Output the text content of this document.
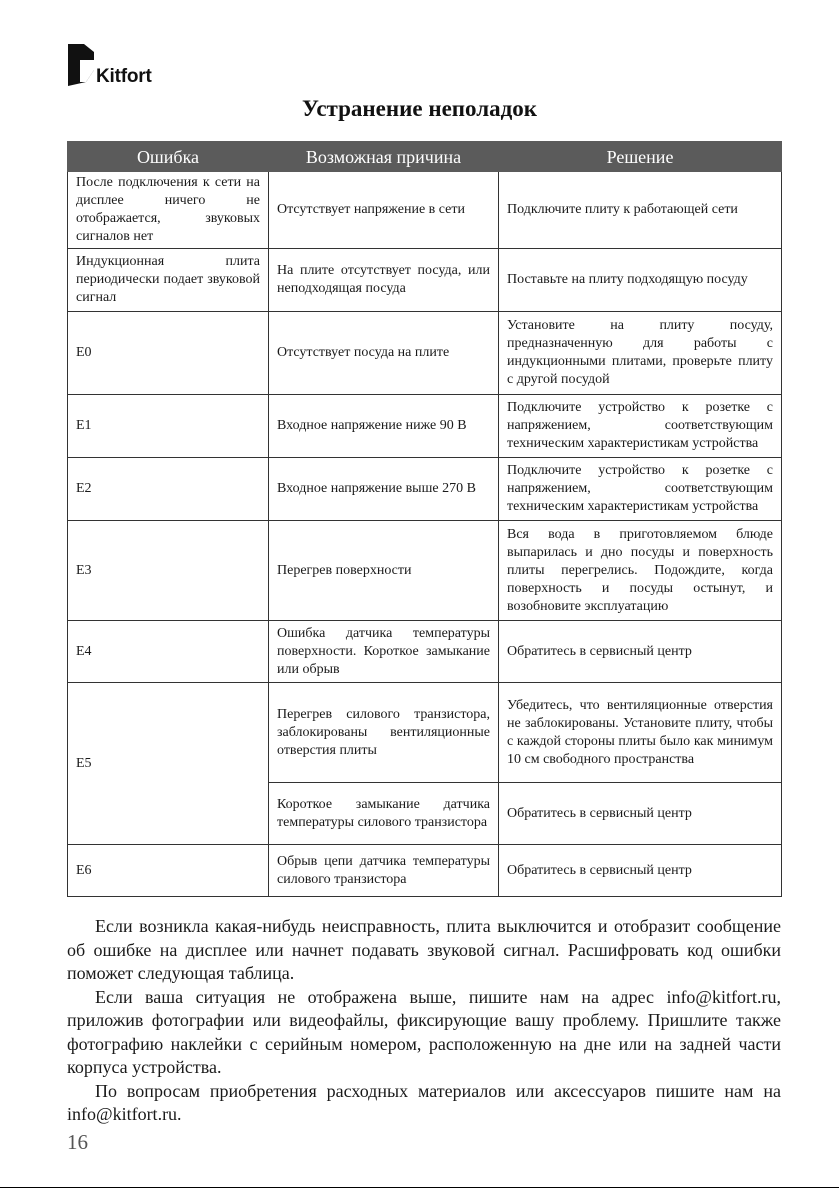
Kitfort
Устранение неполадок
Ошибка	Возможная причина	Решение
После подключения к сети на дисплее ничего не отображается, звуковых сигналов нет	Отсутствует напряжение в сети	Подключите плиту к работающей сети
Индукционная плита периодически подает звуковой сигнал	На плите отсутствует посуда, или неподходящая посуда	Поставьте на плиту подходящую посуду
E0	Отсутствует посуда на плите	Установите на плиту посуду, предназначенную для работы с индукционными плитами, проверьте плиту с другой посудой
E1	Входное напряжение ниже 90 В	Подключите устройство к розетке с напряжением, соответствующим техническим характеристикам устройства
E2	Входное напряжение выше 270 В	Подключите устройство к розетке с напряжением, соответствующим техническим характеристикам устройства
E3	Перегрев поверхности	Вся вода в приготовляемом блюде выпарилась и дно посуды и поверхность плиты перегрелись. Подождите, когда поверхность и посуды остынут, и возобновите эксплуатацию
E4	Ошибка датчика температуры поверхности. Короткое замыкание или обрыв	Обратитесь в сервисный центр
E5	Перегрев силового транзистора, заблокированы вентиляционные отверстия плиты	Убедитесь, что вентиляционные отверстия не заблокированы. Установите плиту, чтобы с каждой стороны плиты было как минимум 10 см свободного пространства
	Короткое замыкание датчика температуры силового транзистора	Обратитесь в сервисный центр
E6	Обрыв цепи датчика температуры силового транзистора	Обратитесь в сервисный центр

Если возникла какая-нибудь неисправность, плита выключится и отобразит сообщение об ошибке на дисплее или начнет подавать звуковой сигнал. Расшифровать код ошибки поможет следующая таблица.

Если ваша ситуация не отображена выше, пишите нам на адрес info@kitfort.ru, приложив фотографии или видеофайлы, фиксирующие вашу проблему. Пришлите также фотографию наклейки с серийным номером, расположенную на дне или на задней части корпуса устройства.

По вопросам приобретения расходных материалов или аксессуаров пишите нам на info@kitfort.ru.

16
